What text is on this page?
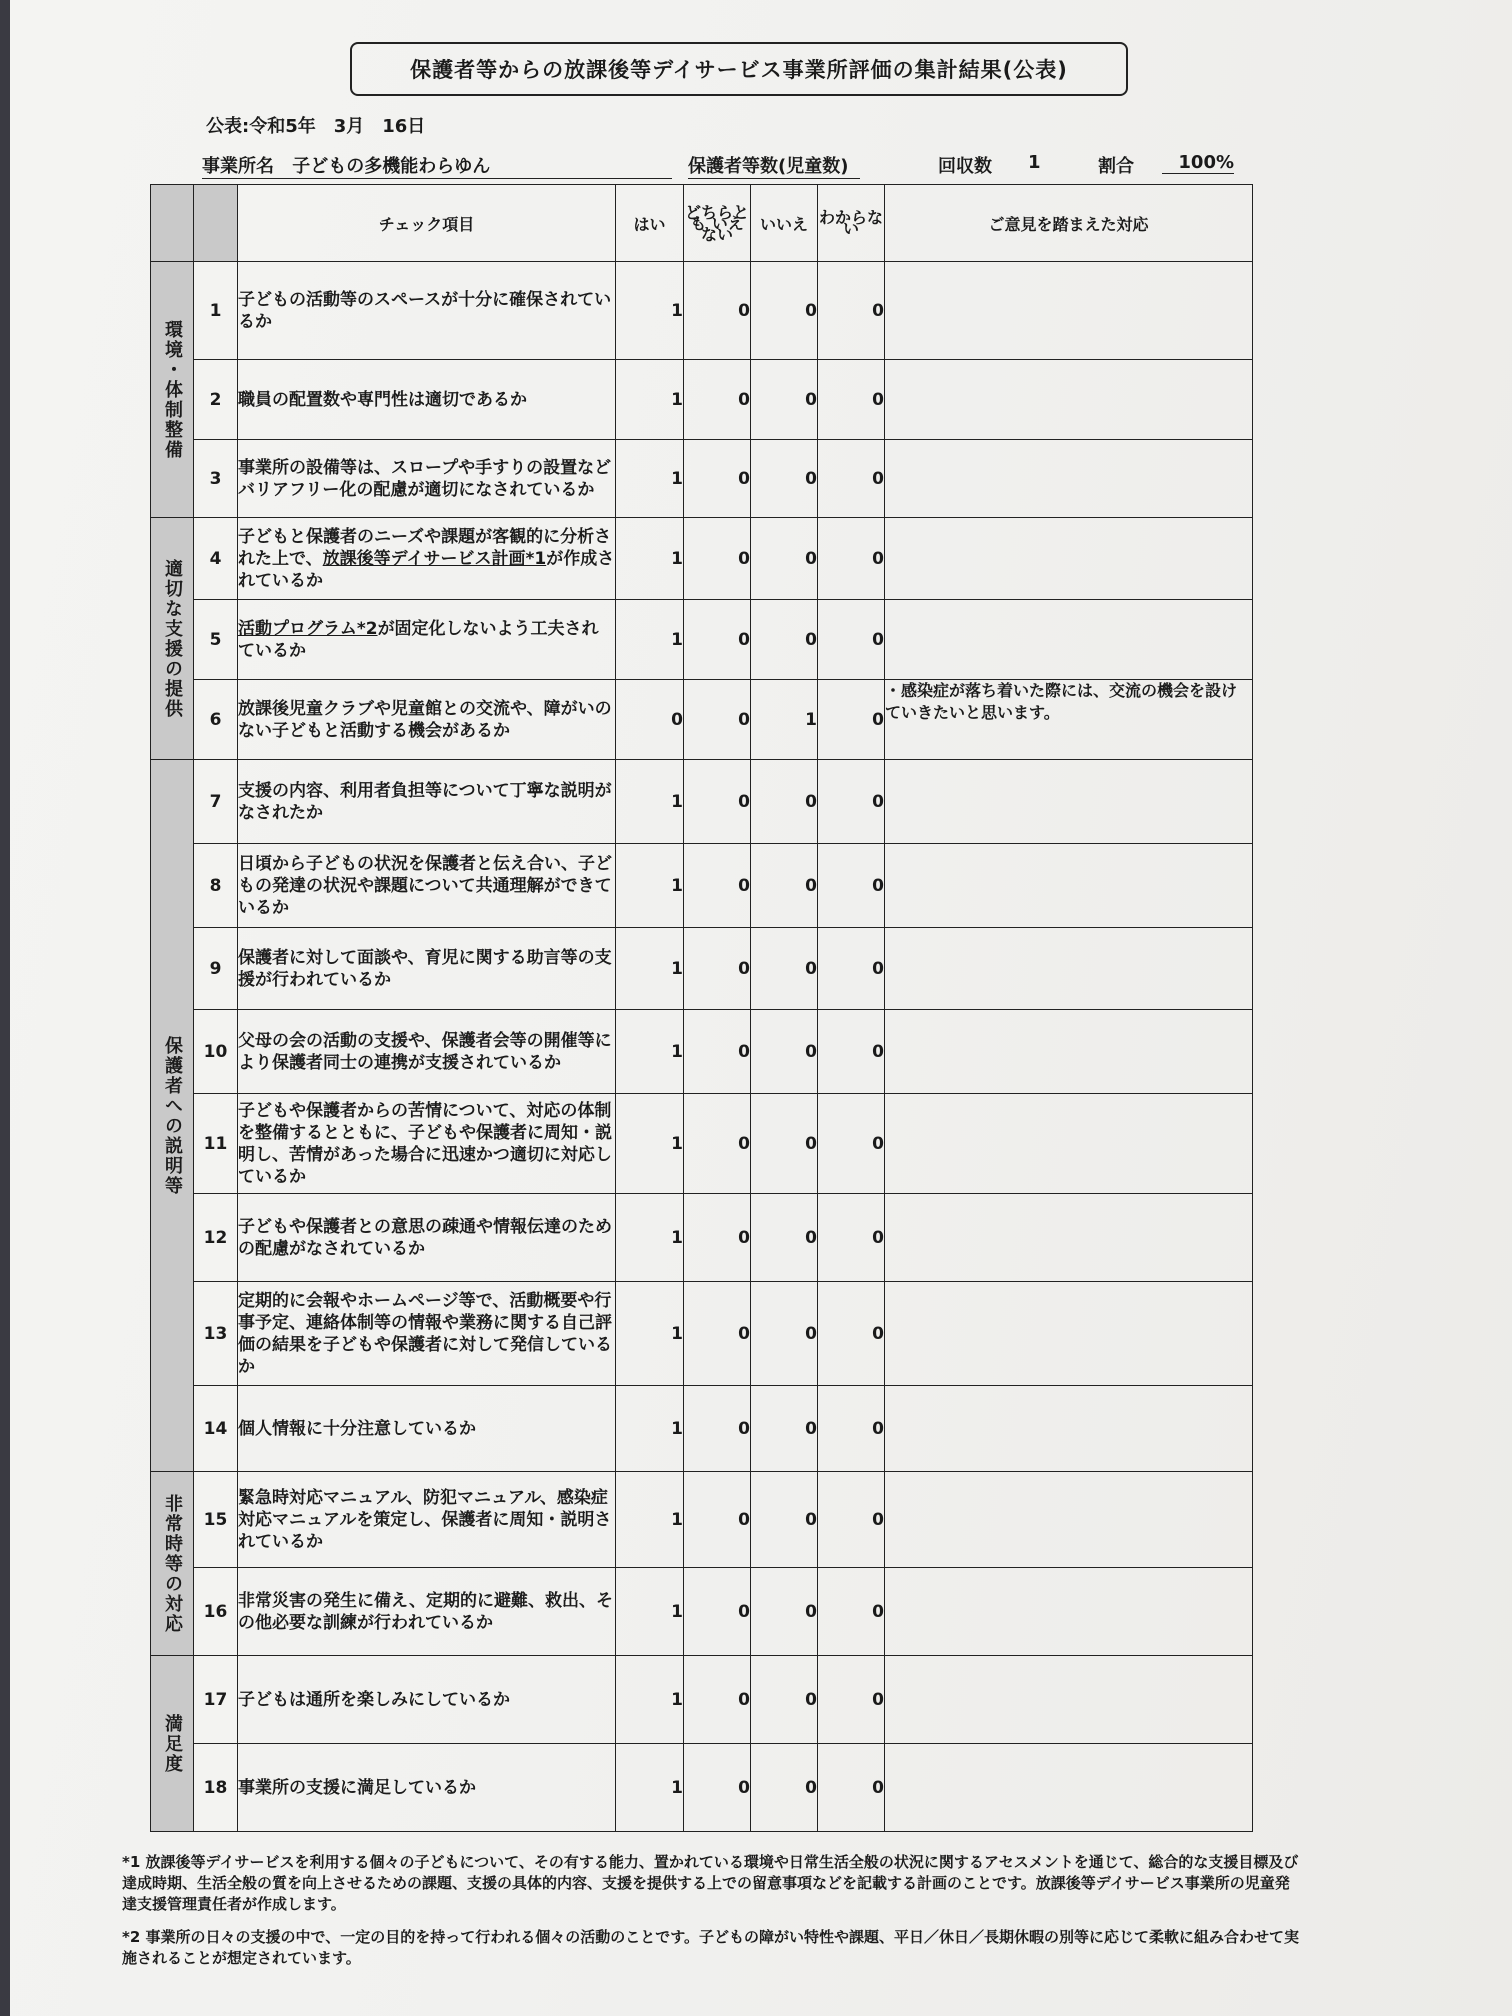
保護者等からの放課後等デイサービス事業所評価の集計結果(公表)
公表:令和5年　3月　16日
事業所名 子どもの多機能わらゆん	保護者等数(児童数)	回収数 1	割合	100%
		チェック項目	はい	どちらとも いえない	いいえ	わからない	ご意見を踏まえた対応
環境・体制整備	1	子どもの活動等のスペースが十分に確保されているか	1	0	0	0	
	2	職員の配置数や専門性は適切であるか	1	0	0	0	
	3	事業所の設備等は、スロープや手すりの設置などバリアフリー化の配慮が適切になされているか	1	0	0	0	
適切な支援の提供	4	子どもと保護者のニーズや課題が客観的に分析された上で、放課後等デイサービス計画*1が作成されているか	1	0	0	0	
	5	活動プログラム*2が固定化しないよう工夫されているか	1	0	0	0	
	6	放課後児童クラブや児童館との交流や、障がいのない子どもと活動する機会があるか	0	0	1	0	・感染症が落ち着いた際には、交流の機会を設けていきたいと思います。
保護者への説明等	7	支援の内容、利用者負担等について丁寧な説明がなされたか	1	0	0	0	
	8	日頃から子どもの状況を保護者と伝え合い、子どもの発達の状況や課題について共通理解ができているか	1	0	0	0	
	9	保護者に対して面談や、育児に関する助言等の支援が行われているか	1	0	0	0	
	10	父母の会の活動の支援や、保護者会等の開催等により保護者同士の連携が支援されているか	1	0	0	0	
	11	子どもや保護者からの苦情について、対応の体制を整備するとともに、子どもや保護者に周知・説明し、苦情があった場合に迅速かつ適切に対応しているか	1	0	0	0	
	12	子どもや保護者との意思の疎通や情報伝達のための配慮がなされているか	1	0	0	0	
	13	定期的に会報やホームページ等で、活動概要や行事予定、連絡体制等の情報や業務に関する自己評価の結果を子どもや保護者に対して発信しているか	1	0	0	0	
	14	個人情報に十分注意しているか	1	0	0	0	
非常時等の対応	15	緊急時対応マニュアル、防犯マニュアル、感染症対応マニュアルを策定し、保護者に周知・説明されているか	1	0	0	0	
	16	非常災害の発生に備え、定期的に避難、救出、その他必要な訓練が行われているか	1	0	0	0	
満足度	17	子どもは通所を楽しみにしているか	1	0	0	0	
	18	事業所の支援に満足しているか	1	0	0	0	

*1 放課後等デイサービスを利用する個々の子どもについて、その有する能力、置かれている環境や日常生活全般の状況に関するアセスメントを通じて、総合的な支援目標及び達成時期、生活全般の質を向上させるための課題、支援の具体的内容、支援を提供する上での留意事項などを記載する計画のことです。放課後等デイサービス事業所の児童発達支援管理責任者が作成します。

*2 事業所の日々の支援の中で、一定の目的を持って行われる個々の活動のことです。子どもの障がい特性や課題、平日／休日／長期休暇の別等に応じて柔軟に組み合わせて実施されることが想定されています。
